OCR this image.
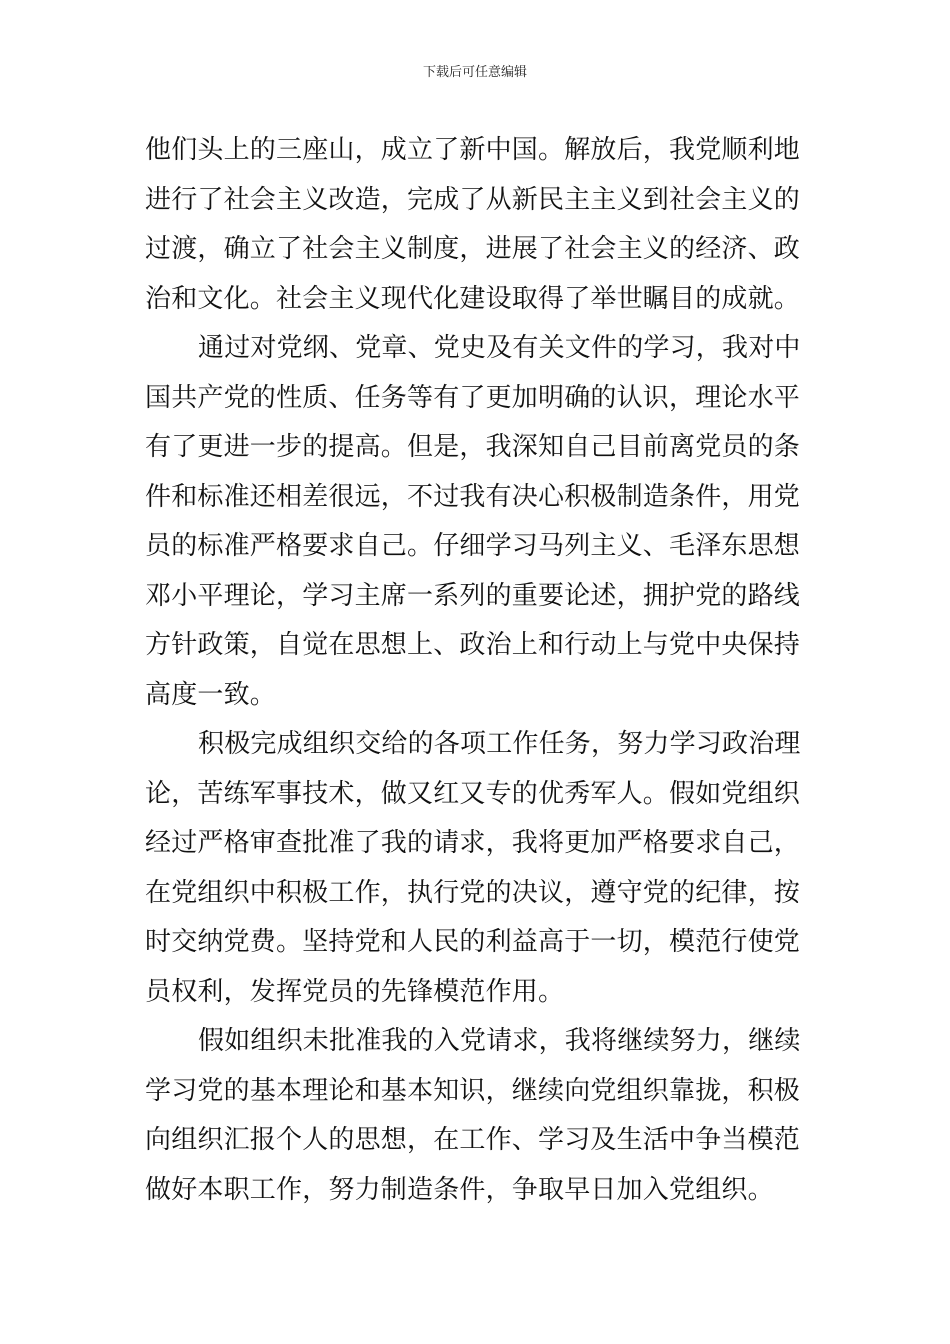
下载后可任意编辑
他们头上的三座山，成立了新中国。解放后，我党顺利地
进行了社会主义改造，完成了从新民主主义到社会主义的
过渡，确立了社会主义制度，进展了社会主义的经济、政
治和文化。社会主义现代化建设取得了举世瞩目的成就。
通过对党纲、党章、党史及有关文件的学习，我对中
国共产党的性质、任务等有了更加明确的认识，理论水平
有了更进一步的提高。但是，我深知自己目前离党员的条
件和标准还相差很远，不过我有决心积极制造条件，用党
员的标准严格要求自己。仔细学习马列主义、毛泽东思想
邓小平理论，学习主席一系列的重要论述，拥护党的路线
方针政策，自觉在思想上、政治上和行动上与党中央保持
高度一致。
积极完成组织交给的各项工作任务，努力学习政治理
论，苦练军事技术，做又红又专的优秀军人。假如党组织
经过严格审查批准了我的请求，我将更加严格要求自己，
在党组织中积极工作，执行党的决议，遵守党的纪律，按
时交纳党费。坚持党和人民的利益高于一切，模范行使党
员权利，发挥党员的先锋模范作用。
假如组织未批准我的入党请求，我将继续努力，继续
学习党的基本理论和基本知识，继续向党组织靠拢，积极
向组织汇报个人的思想，在工作、学习及生活中争当模范
做好本职工作，努力制造条件，争取早日加入党组织。
